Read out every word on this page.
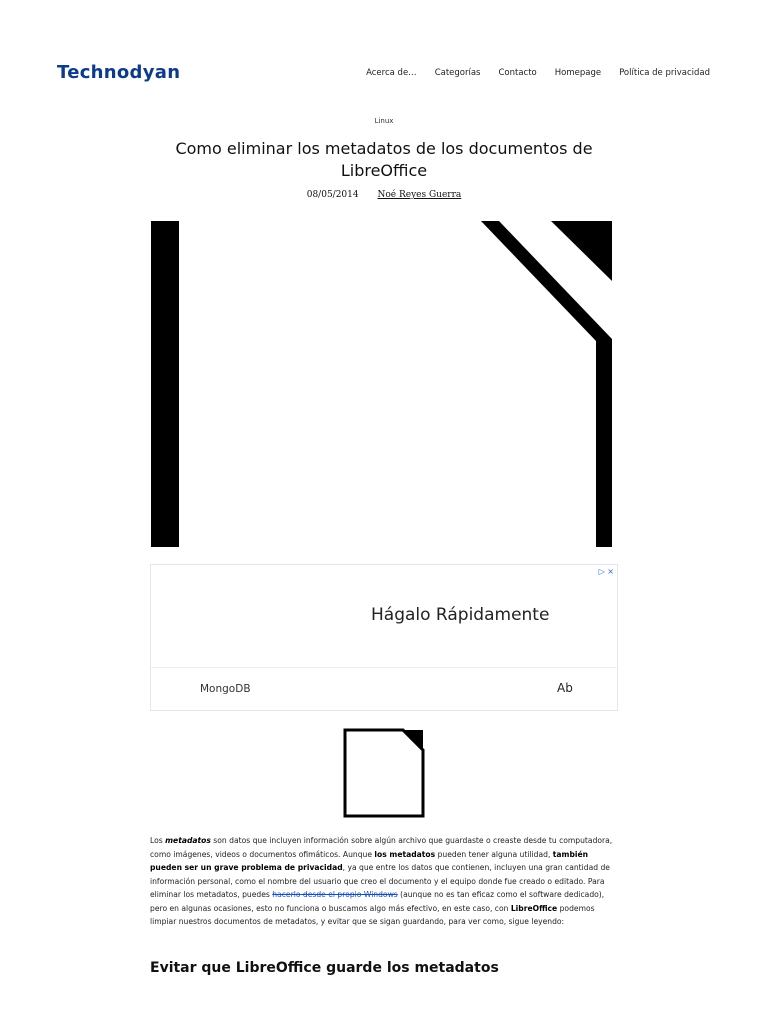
Technodyan	Acerca de… Categorías Contacto Homepage Política de privacidad
Linux
Como eliminar los metadatos de los documentos de LibreOffice
08/05/2014 Noé Reyes Guerra
▷ ×
Hágalo Rápidamente
MongoDB	Ab

Los metadatos son datos que incluyen información sobre algún archivo que guardaste o creaste desde tu computadora, como imágenes, videos o documentos ofimáticos. Aunque los metadatos pueden tener alguna utilidad, también pueden ser un grave problema de privacidad, ya que entre los datos que contienen, incluyen una gran cantidad de información personal, como el nombre del usuario que creo el documento y el equipo donde fue creado o editado. Para eliminar los metadatos, puedes hacerlo desde el propio Windows (aunque no es tan eficaz como el software dedicado), pero en algunas ocasiones, esto no funciona o buscamos algo más efectivo, en este caso, con LibreOffice podemos limpiar nuestros documentos de metadatos, y evitar que se sigan guardando, para ver como, sigue leyendo:

Evitar que LibreOffice guarde los metadatos
